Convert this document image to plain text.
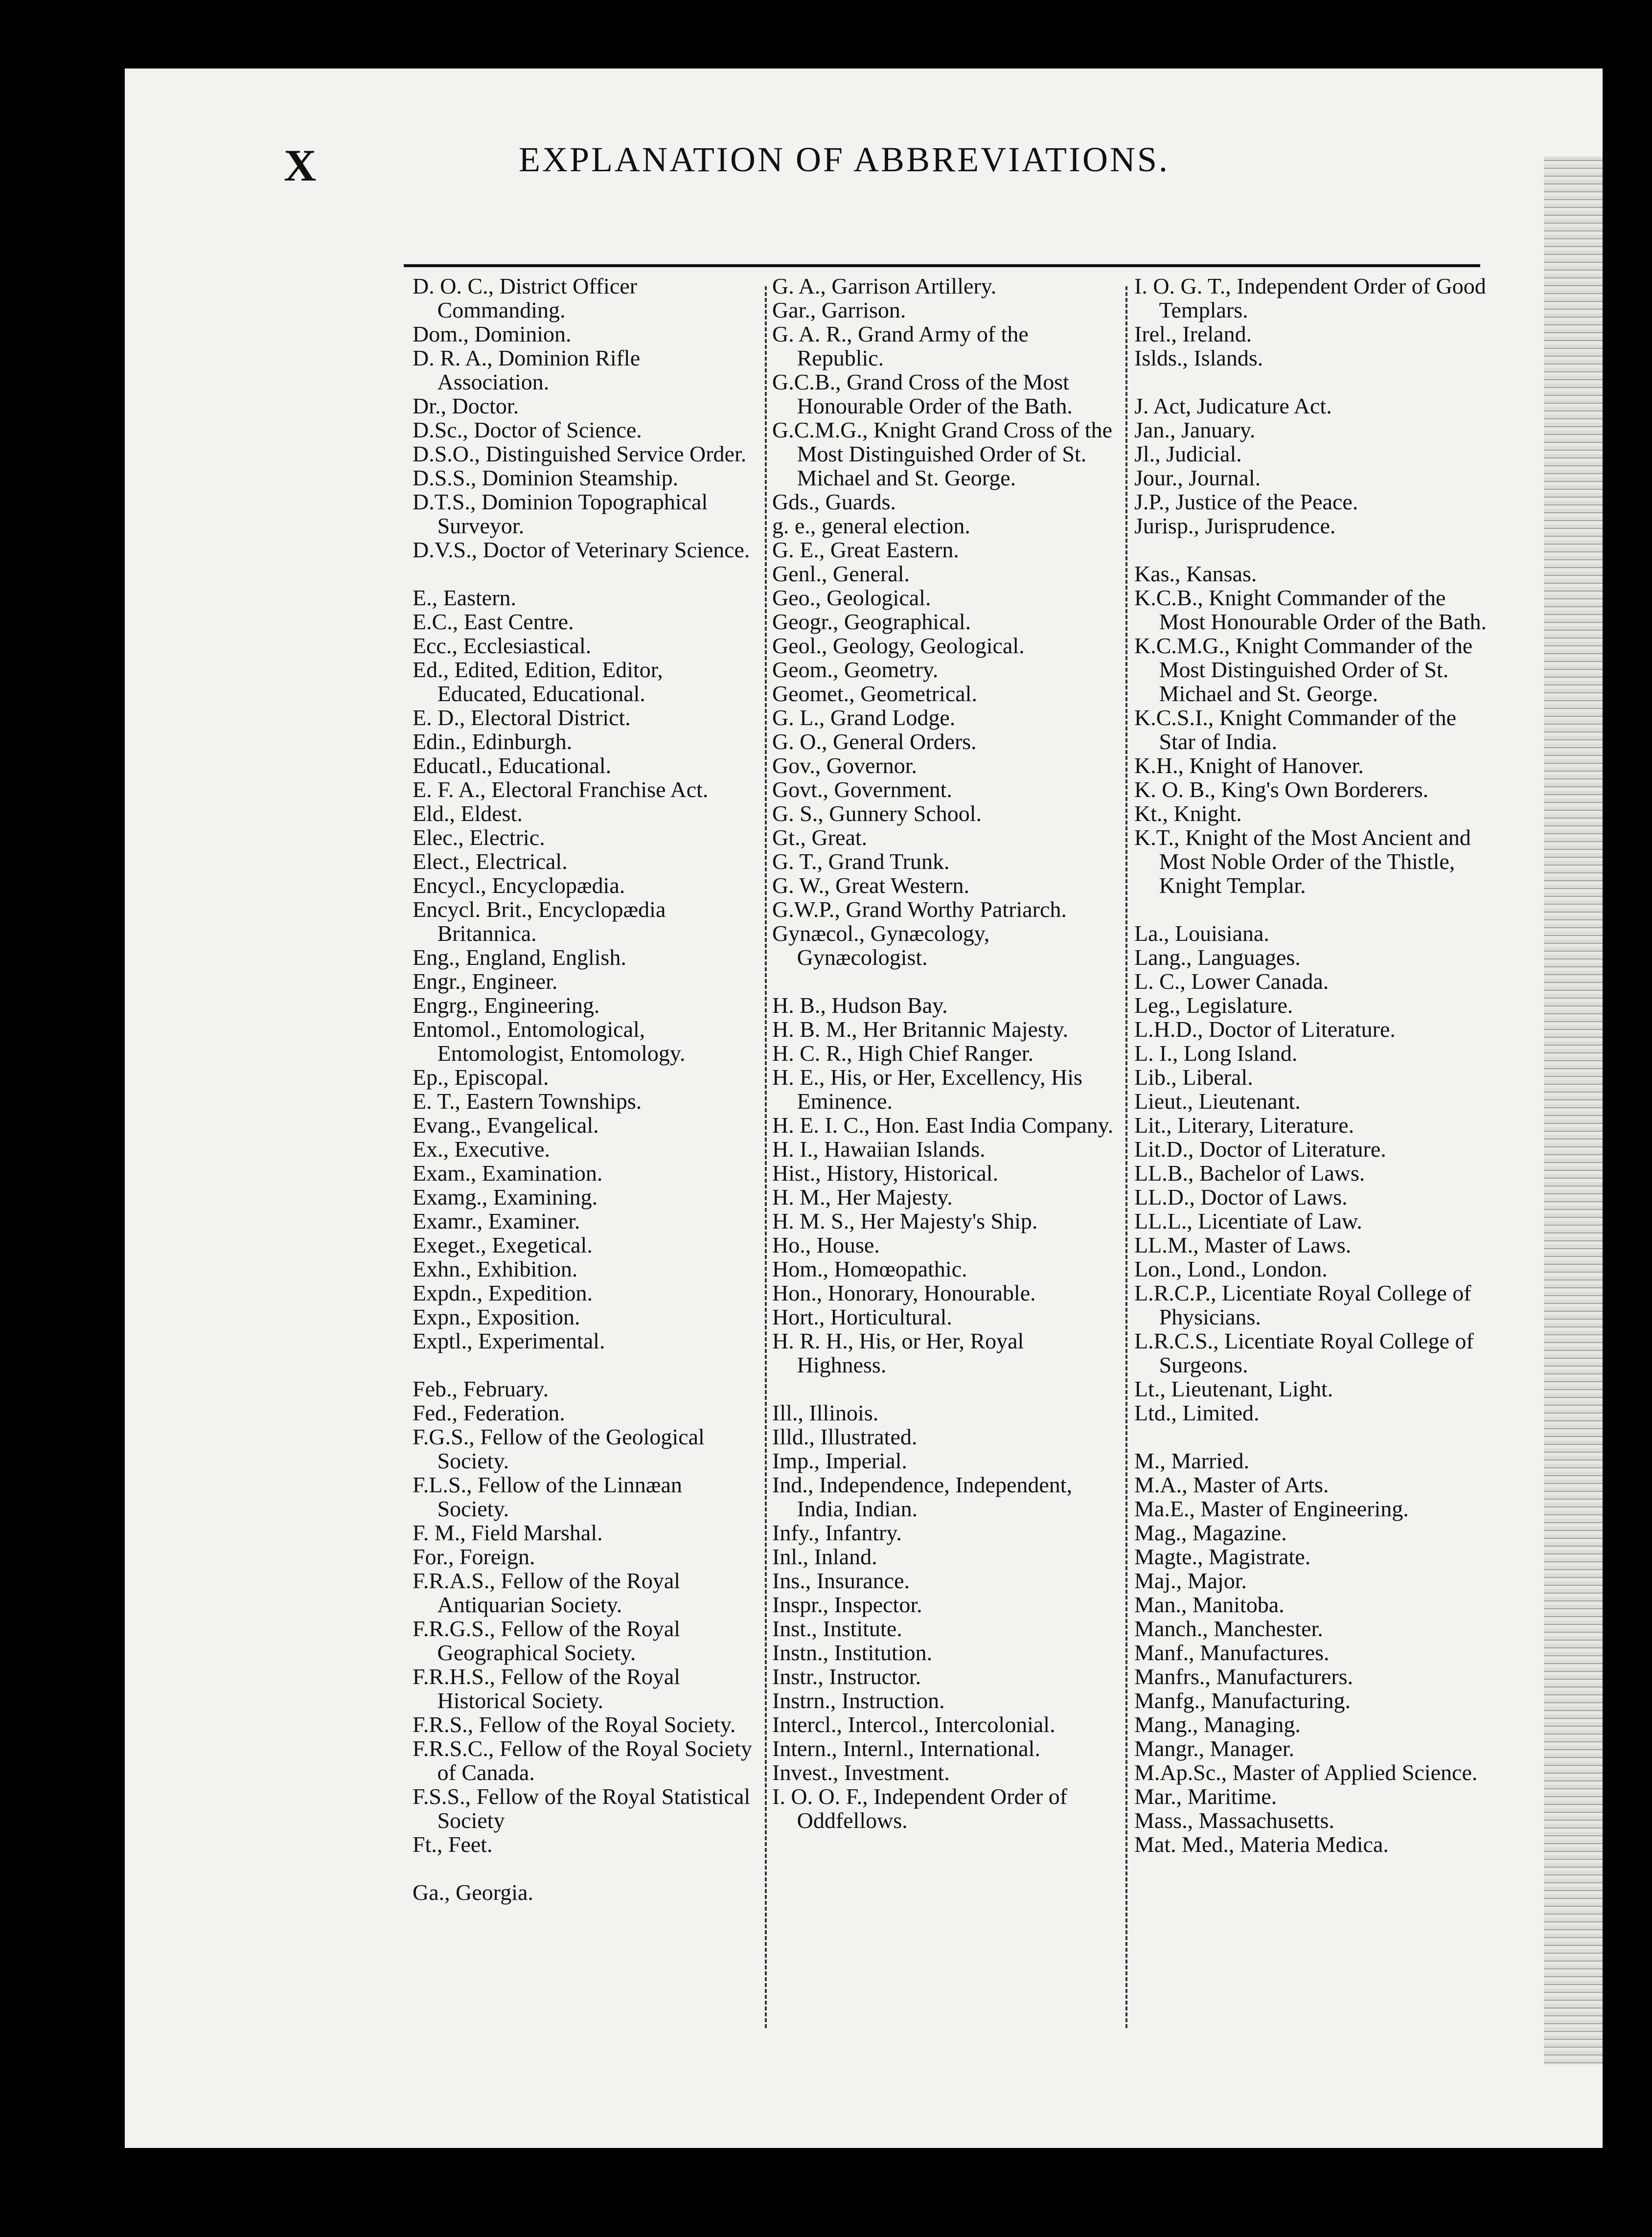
X	EXPLANATION OF ABBREVIATIONS.

D. O. C., District Officer Commanding.

Dom., Dominion.

D. R. A., Dominion Rifle Association.

Dr., Doctor.

D.Sc., Doctor of Science.

D.S.O., Distinguished Service Order.

D.S.S., Dominion Steamship.

D.T.S., Dominion Topographical Surveyor.

D.V.S., Doctor of Veterinary Science.

E., Eastern.

E.C., East Centre.

Ecc., Ecclesiastical.

Ed., Edited, Edition, Editor, Educated, Educational.

E. D., Electoral District.

Edin., Edinburgh.

Educatl., Educational.

E. F. A., Electoral Franchise Act.

Eld., Eldest.

Elec., Electric.

Elect., Electrical.

Encycl., Encyclopædia.

Encycl. Brit., Encyclopædia Britannica.

Eng., England, English.

Engr., Engineer.

Engrg., Engineering.

Entomol., Entomological, Entomologist, Entomology.

Ep., Episcopal.

E. T., Eastern Townships.

Evang., Evangelical.

Ex., Executive.

Exam., Examination.

Examg., Examining.

Examr., Examiner.

Exeget., Exegetical.

Exhn., Exhibition.

Expdn., Expedition.

Expn., Exposition.

Exptl., Experimental.

Feb., February.

Fed., Federation.

F.G.S., Fellow of the Geological Society.

F.L.S., Fellow of the Linnæan Society.

F. M., Field Marshal.

For., Foreign.

F.R.A.S., Fellow of the Royal Antiquarian Society.

F.R.G.S., Fellow of the Royal Geographical Society.

F.R.H.S., Fellow of the Royal Historical Society.

F.R.S., Fellow of the Royal Society.

F.R.S.C., Fellow of the Royal Society of Canada.

F.S.S., Fellow of the Royal Statistical Society

Ft., Feet.

Ga., Georgia.

G. A., Garrison Artillery.

Gar., Garrison.

G. A. R., Grand Army of the Republic.

G.C.B., Grand Cross of the Most Honourable Order of the Bath.

G.C.M.G., Knight Grand Cross of the Most Distinguished Order of St. Michael and St. George.

Gds., Guards.

g. e., general election.

G. E., Great Eastern.

Genl., General.

Geo., Geological.

Geogr., Geographical.

Geol., Geology, Geological.

Geom., Geometry.

Geomet., Geometrical.

G. L., Grand Lodge.

G. O., General Orders.

Gov., Governor.

Govt., Government.

G. S., Gunnery School.

Gt., Great.

G. T., Grand Trunk.

G. W., Great Western.

G.W.P., Grand Worthy Patriarch.

Gynæcol., Gynæcology, Gynæcologist.

H. B., Hudson Bay.

H. B. M., Her Britannic Majesty.

H. C. R., High Chief Ranger.

H. E., His, or Her, Excellency, His Eminence.

H. E. I. C., Hon. East India Company.

H. I., Hawaiian Islands.

Hist., History, Historical.

H. M., Her Majesty.

H. M. S., Her Majesty's Ship.

Ho., House.

Hom., Homœopathic.

Hon., Honorary, Honourable.

Hort., Horticultural.

H. R. H., His, or Her, Royal Highness.

Ill., Illinois.

Illd., Illustrated.

Imp., Imperial.

Ind., Independence, Independent, India, Indian.

Infy., Infantry.

Inl., Inland.

Ins., Insurance.

Inspr., Inspector.

Inst., Institute.

Instn., Institution.

Instr., Instructor.

Instrn., Instruction.

Intercl., Intercol., Intercolonial.

Intern., Internl., International.

Invest., Investment.

I. O. O. F., Independent Order of Oddfellows.

I. O. G. T., Independent Order of Good Templars.

Irel., Ireland.

Islds., Islands.

J. Act, Judicature Act.

Jan., January.

Jl., Judicial.

Jour., Journal.

J.P., Justice of the Peace.

Jurisp., Jurisprudence.

Kas., Kansas.

K.C.B., Knight Commander of the Most Honourable Order of the Bath.

K.C.M.G., Knight Commander of the Most Distinguished Order of St. Michael and St. George.

K.C.S.I., Knight Commander of the Star of India.

K.H., Knight of Hanover.

K. O. B., King's Own Borderers.

Kt., Knight.

K.T., Knight of the Most Ancient and Most Noble Order of the Thistle, Knight Templar.

La., Louisiana.

Lang., Languages.

L. C., Lower Canada.

Leg., Legislature.

L.H.D., Doctor of Literature.

L. I., Long Island.

Lib., Liberal.

Lieut., Lieutenant.

Lit., Literary, Literature.

Lit.D., Doctor of Literature.

LL.B., Bachelor of Laws.

LL.D., Doctor of Laws.

LL.L., Licentiate of Law.

LL.M., Master of Laws.

Lon., Lond., London.

L.R.C.P., Licentiate Royal College of Physicians.

L.R.C.S., Licentiate Royal College of Surgeons.

Lt., Lieutenant, Light.

Ltd., Limited.

M., Married.

M.A., Master of Arts.

Ma.E., Master of Engineering.

Mag., Magazine.

Magte., Magistrate.

Maj., Major.

Man., Manitoba.

Manch., Manchester.

Manf., Manufactures.

Manfrs., Manufacturers.

Manfg., Manufacturing.

Mang., Managing.

Mangr., Manager.

M.Ap.Sc., Master of Applied Science.

Mar., Maritime.

Mass., Massachusetts.

Mat. Med., Materia Medica.
